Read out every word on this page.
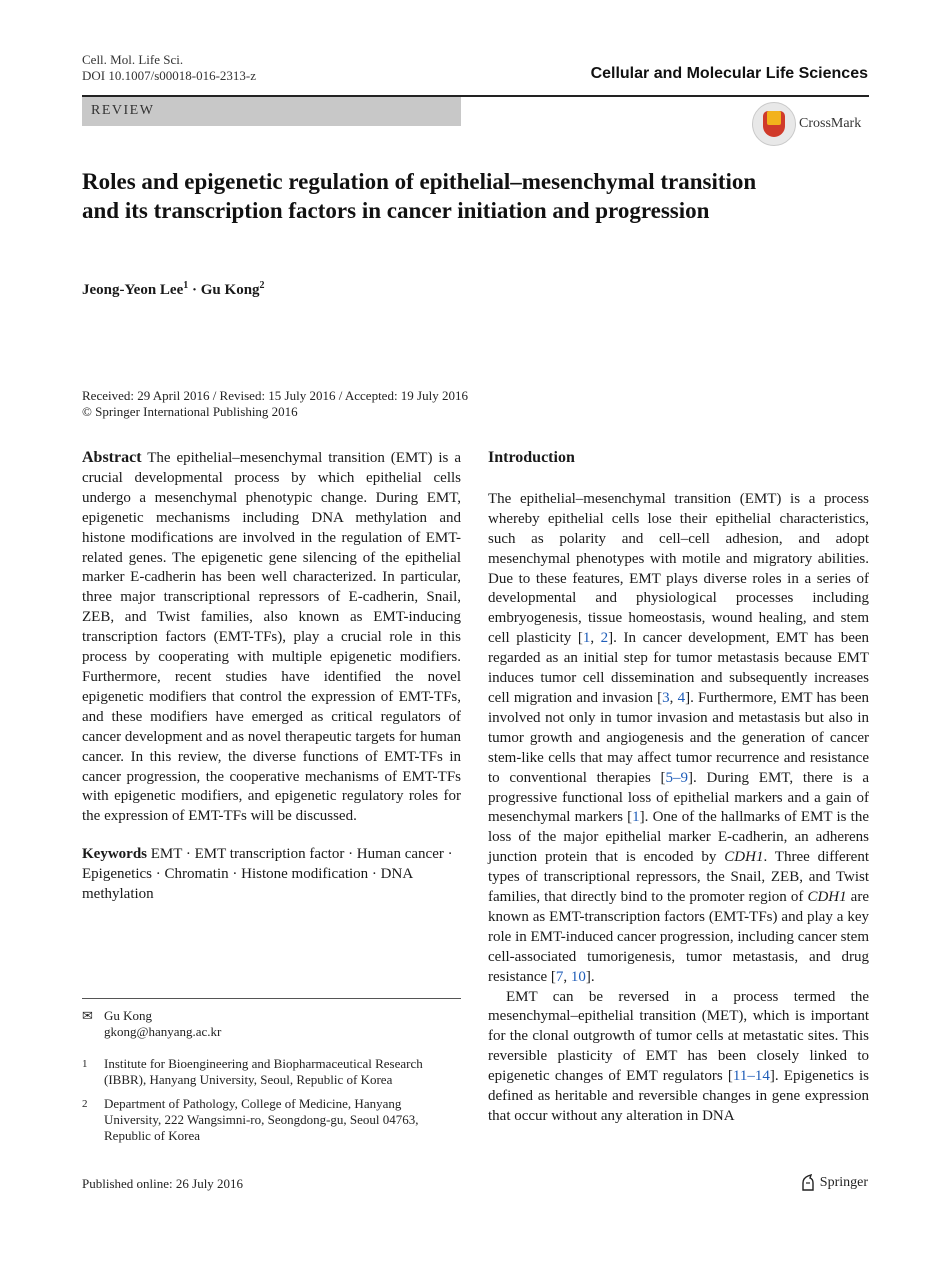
Cell. Mol. Life Sci.
DOI 10.1007/s00018-016-2313-z	Cellular and Molecular Life Sciences
REVIEW
CrossMark
Roles and epigenetic regulation of epithelial–mesenchymal transition and its transcription factors in cancer initiation and progression
Jeong-Yeon Lee$^1$ · Gu Kong$^2$
Received: 29 April 2016 / Revised: 15 July 2016 / Accepted: 19 July 2016
© Springer International Publishing 2016

Abstract The epithelial–mesenchymal transition (EMT) is a crucial developmental process by which epithelial cells undergo a mesenchymal phenotypic change. During EMT, epigenetic mechanisms including DNA methylation and histone modifications are involved in the regulation of EMT-related genes. The epigenetic gene silencing of the epithelial marker E-cadherin has been well characterized. In particular, three major transcriptional repressors of E-cadherin, Snail, ZEB, and Twist families, also known as EMT-inducing transcription factors (EMT-TFs), play a crucial role in this process by cooperating with multiple epigenetic modifiers. Furthermore, recent studies have identified the novel epigenetic modifiers that control the expression of EMT-TFs, and these modifiers have emerged as critical regulators of cancer development and as novel therapeutic targets for human cancer. In this review, the diverse functions of EMT-TFs in cancer progression, the cooperative mechanisms of EMT-TFs with epigenetic modifiers, and epigenetic regulatory roles for the expression of EMT-TFs will be discussed.

Keywords EMT · EMT transcription factor · Human cancer · Epigenetics · Chromatin · Histone modification · DNA methylation

✉ Gu Kong
gkong@hanyang.ac.kr
1 Institute for Bioengineering and Biopharmaceutical Research (IBBR), Hanyang University, Seoul, Republic of Korea
2 Department of Pathology, College of Medicine, Hanyang University, 222 Wangsimni-ro, Seongdong-gu, Seoul 04763, Republic of Korea

Introduction

The epithelial–mesenchymal transition (EMT) is a process whereby epithelial cells lose their epithelial characteristics, such as polarity and cell–cell adhesion, and adopt mesenchymal phenotypes with motile and migratory abilities. Due to these features, EMT plays diverse roles in a series of developmental and physiological processes including embryogenesis, tissue homeostasis, wound healing, and stem cell plasticity [1, 2]. In cancer development, EMT has been regarded as an initial step for tumor metastasis because EMT induces tumor cell dissemination and subsequently increases cell migration and invasion [3, 4]. Furthermore, EMT has been involved not only in tumor invasion and metastasis but also in tumor growth and angiogenesis and the generation of cancer stem-like cells that may affect tumor recurrence and resistance to conventional therapies [5–9]. During EMT, there is a progressive functional loss of epithelial markers and a gain of mesenchymal markers [1]. One of the hallmarks of EMT is the loss of the major epithelial marker E-cadherin, an adherens junction protein that is encoded by CDH1. Three different types of transcriptional repressors, the Snail, ZEB, and Twist families, that directly bind to the promoter region of CDH1 are known as EMT-transcription factors (EMT-TFs) and play a key role in EMT-induced cancer progression, including cancer stem cell-associated tumorigenesis, tumor metastasis, and drug resistance [7, 10].

EMT can be reversed in a process termed the mesenchymal–epithelial transition (MET), which is important for the clonal outgrowth of tumor cells at metastatic sites. This reversible plasticity of EMT has been closely linked to epigenetic changes of EMT regulators [11–14]. Epigenetics is defined as heritable and reversible changes in gene expression that occur without any alteration in DNA

Published online: 26 July 2016	Springer
